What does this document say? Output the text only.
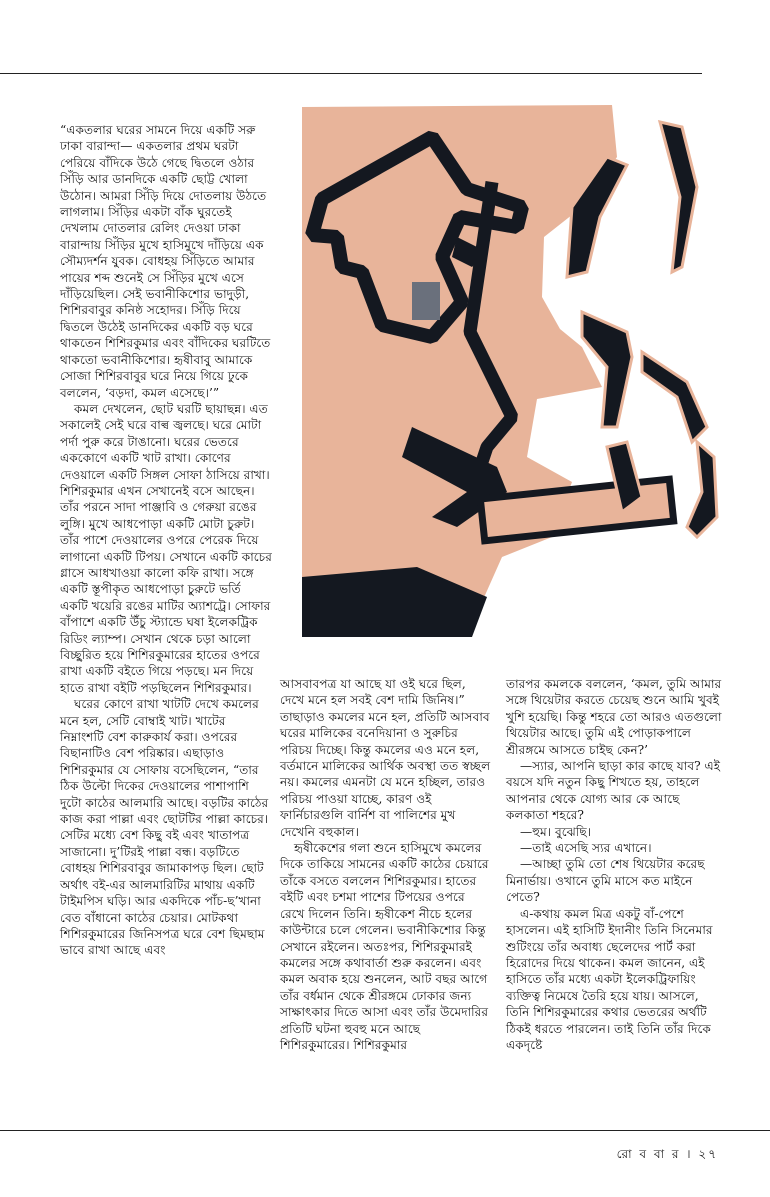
“একতলার ঘরের সামনে দিয়ে একটি সরু ঢাকা বারান্দা— একতলার প্রথম ঘরটা পেরিয়ে বাঁদিকে উঠে গেছে দ্বিতলে ওঠার সিঁড়ি আর ডানদিকে একটি ছোট্ট খোলা উঠোন। আমরা সিঁড়ি দিয়ে দোতলায় উঠতে লাগলাম। সিঁড়ির একটা বাঁক ঘুরতেই দেখলাম দোতলার রেলিং দেওয়া ঢাকা বারান্দায় সিঁড়ির মুখে হাসিমুখে দাঁড়িয়ে এক সৌম্যদর্শন যুবক। বোধহয় সিঁড়িতে আমার পায়ের শব্দ শুনেই সে সিঁড়ির মুখে এসে দাঁড়িয়েছিল। সেই ভবানীকিশোর ভাদুড়ী, শিশিরবাবুর কনিষ্ঠ সহোদর। সিঁড়ি দিয়ে দ্বিতলে উঠেই ডানদিকের একটি বড় ঘরে থাকতেন শিশিরকুমার এবং বাঁদিকের ঘরটিতে থাকতো ভবানীকিশোর। হৃষীবাবু আমাকে সোজা শিশিরবাবুর ঘরে নিয়ে গিয়ে ঢুকে বললেন, ‘বড়দা, কমল এসেছে।’”

কমল দেখলেন, ছোট ঘরটি ছায়াছন্ন। এত সকালেই সেই ঘরে বাল্ব জ্বলছে। ঘরে মোটা পর্দা পুরু করে টাঙানো। ঘরের ভেতরে এককোণে একটি খাট রাখা। কোণের দেওয়ালে একটি সিঙ্গল সোফা ঠাসিয়ে রাখা। শিশিরকুমার এখন সেখানেই বসে আছেন। তাঁর পরনে সাদা পাঞ্জাবি ও গেরুয়া রঙের লুঙ্গি। মুখে আধপোড়া একটি মোটা চুরুট। তাঁর পাশে দেওয়ালের ওপরে পেরেক দিয়ে লাগানো একটি টিপয়। সেখানে একটি কাচের গ্লাসে আধখাওয়া কালো কফি রাখা। সঙ্গে একটি স্তূপীকৃত আধপোড়া চুরুটে ভর্তি একটি খয়েরি রঙের মাটির অ্যাশট্রে। সোফার বাঁপাশে একটি উঁচু স্ট্যান্ডে ঘষা ইলেকট্রিক রিডিং ল্যাম্প। সেখান থেকে চড়া আলো বিচ্ছুরিত হয়ে শিশিরকুমারের হাতের ওপরে রাখা একটি বইতে গিয়ে পড়ছে। মন দিয়ে হাতে রাখা বইটি পড়ছিলেন শিশিরকুমার।

ঘরের কোণে রাখা খাটটি দেখে কমলের মনে হল, সেটি বোম্বাই খাট। খাটের নিম্নাংশটি বেশ কারুকার্য করা। ওপরের বিছানাটিও বেশ পরিষ্কার। এছাড়াও শিশিরকুমার যে সোফায় বসেছিলেন, “তার ঠিক উল্টো দিকের দেওয়ালের পাশাপাশি দুটো কাঠের আলমারি আছে। বড়টির কাঠের কাজ করা পাল্লা এবং ছোটটির পাল্লা কাচের। সেটির মধ্যে বেশ কিছু বই এবং খাতাপত্র সাজানো। দু’টিরই পাল্লা বন্ধ। বড়টিতে বোধহয় শিশিরবাবুর জামাকাপড় ছিল। ছোট অর্থাৎ বই-এর আলমারিটির মাথায় একটি টাইমপিস ঘড়ি। আর একদিকে পাঁচ-ছ’খানা বেত বাঁধানো কাঠের চেয়ার। মোটকথা শিশিরকুমারের জিনিসপত্র ঘরে বেশ ছিমছাম ভাবে রাখা আছে এবং

আসবাবপত্র যা আছে যা ওই ঘরে ছিল, দেখে মনে হল সবই বেশ দামি জিনিষ।” তাছাড়াও কমলের মনে হল, প্রতিটি আসবাব ঘরের মালিকের বনেদিয়ানা ও সুরুচির পরিচয় দিচ্ছে। কিন্তু কমলের এও মনে হল, বর্তমানে মালিকের আর্থিক অবস্থা তত স্বচ্ছল নয়। কমলের এমনটা যে মনে হচ্ছিল, তারও পরিচয় পাওয়া যাচ্ছে, কারণ ওই ফার্নিচারগুলি বার্নিশ বা পালিশের মুখ দেখেনি বহুকাল।

হৃষীকেশের গলা শুনে হাসিমুখে কমলের দিকে তাকিয়ে সামনের একটি কাঠের চেয়ারে তাঁকে বসতে বললেন শিশিরকুমার। হাতের বইটি এবং চশমা পাশের টিপয়ের ওপরে রেখে দিলেন তিনি। হৃষীকেশ নীচে হলের কাউন্টারে চলে গেলেন। ভবানীকিশোর কিন্তু সেখানে রইলেন। অতঃপর, শিশিরকুমারই কমলের সঙ্গে কথাবার্তা শুরু করলেন। এবং কমল অবাক হয়ে শুনলেন, আট বছর আগে তাঁর বর্ধমান থেকে শ্রীরঙ্গমে ঢোকার জন্য সাক্ষাৎকার দিতে আসা এবং তাঁর উমেদারির প্রতিটি ঘটনা হুবহু মনে আছে শিশিরকুমারের। শিশিরকুমার

তারপর কমলকে বললেন, ‘কমল, তুমি আমার সঙ্গে থিয়েটার করতে চেয়েছ শুনে আমি খুবই খুশি হয়েছি। কিন্তু শহরে তো আরও এতগুলো থিয়েটার আছে। তুমি এই পোড়াকপালে শ্রীরঙ্গমে আসতে চাইছ কেন?’

—স্যার, আপনি ছাড়া কার কাছে যাব? এই বয়সে যদি নতুন কিছু শিখতে হয়, তাহলে আপনার থেকে যোগ্য আর কে আছে কলকাতা শহরে?

—হুম। বুঝেছি।

—তাই এসেছি স্যর এখানে।

—আচ্ছা তুমি তো শেষ থিয়েটার করেছ মিনার্ভায়। ওখানে তুমি মাসে কত মাইনে পেতে?

এ-কথায় কমল মিত্র একটু বাঁ-পেশে হাসলেন। এই হাসিটি ইদানীং তিনি সিনেমার শুটিংয়ে তাঁর অবাধ্য ছেলেদের পার্ট করা হিরোদের দিয়ে থাকেন। কমল জানেন, এই হাসিতে তাঁর মধ্যে একটা ইলেকট্রিফায়িং ব্যক্তিত্ব নিমেষে তৈরি হয়ে যায়। আসলে, তিনি শিশিরকুমারের কথার ভেতরের অর্থটি ঠিকই ধরতে পারলেন। তাই তিনি তাঁর দিকে একদৃষ্টে

রো ব বা র । ২৭
